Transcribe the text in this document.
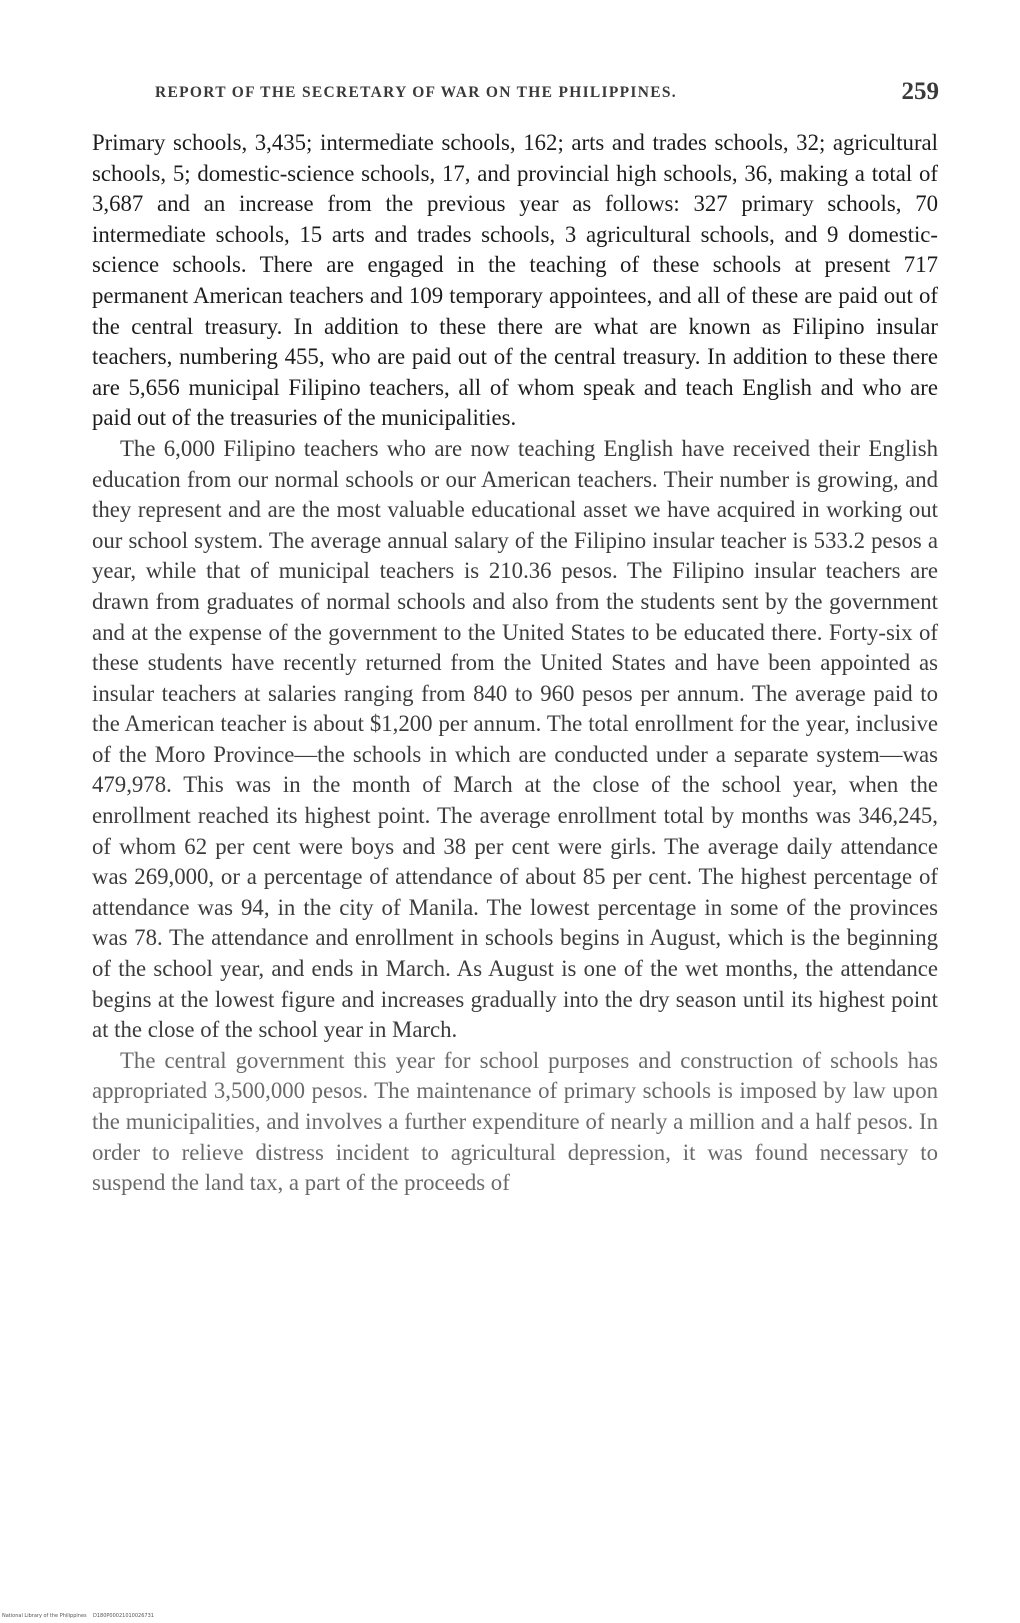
REPORT OF THE SECRETARY OF WAR ON THE PHILIPPINES.	259

Primary schools, 3,435; intermediate schools, 162; arts and trades schools, 32; agricultural schools, 5; domestic-science schools, 17, and provincial high schools, 36, making a total of 3,687 and an increase from the previous year as follows: 327 primary schools, 70 intermediate schools, 15 arts and trades schools, 3 agricultural schools, and 9 domestic-science schools. There are engaged in the teaching of these schools at present 717 permanent American teachers and 109 temporary appointees, and all of these are paid out of the central treasury. In addition to these there are what are known as Filipino insular teachers, numbering 455, who are paid out of the central treasury. In addition to these there are 5,656 municipal Filipino teachers, all of whom speak and teach English and who are paid out of the treasuries of the municipalities.

The 6,000 Filipino teachers who are now teaching English have received their English education from our normal schools or our American teachers. Their number is growing, and they represent and are the most valuable educational asset we have acquired in working out our school system. The average annual salary of the Filipino insular teacher is 533.2 pesos a year, while that of municipal teachers is 210.36 pesos. The Filipino insular teachers are drawn from graduates of normal schools and also from the students sent by the government and at the expense of the government to the United States to be educated there. Forty-six of these students have recently returned from the United States and have been appointed as insular teachers at salaries ranging from 840 to 960 pesos per annum. The average paid to the American teacher is about $1,200 per annum. The total enrollment for the year, inclusive of the Moro Province—the schools in which are conducted under a separate system—was 479,978. This was in the month of March at the close of the school year, when the enrollment reached its highest point. The average enrollment total by months was 346,245, of whom 62 per cent were boys and 38 per cent were girls. The average daily attendance was 269,000, or a percentage of attendance of about 85 per cent. The highest percentage of attendance was 94, in the city of Manila. The lowest percentage in some of the provinces was 78. The attendance and enrollment in schools begins in August, which is the beginning of the school year, and ends in March. As August is one of the wet months, the attendance begins at the lowest figure and increases gradually into the dry season until its highest point at the close of the school year in March.

The central government this year for school purposes and construction of schools has appropriated 3,500,000 pesos. The maintenance of primary schools is imposed by law upon the municipalities, and involves a further expenditure of nearly a million and a half pesos. In order to relieve distress incident to agricultural depression, it was found necessary to suspend the land tax, a part of the proceeds of

National Library of the Philippines D180P00021010026731
